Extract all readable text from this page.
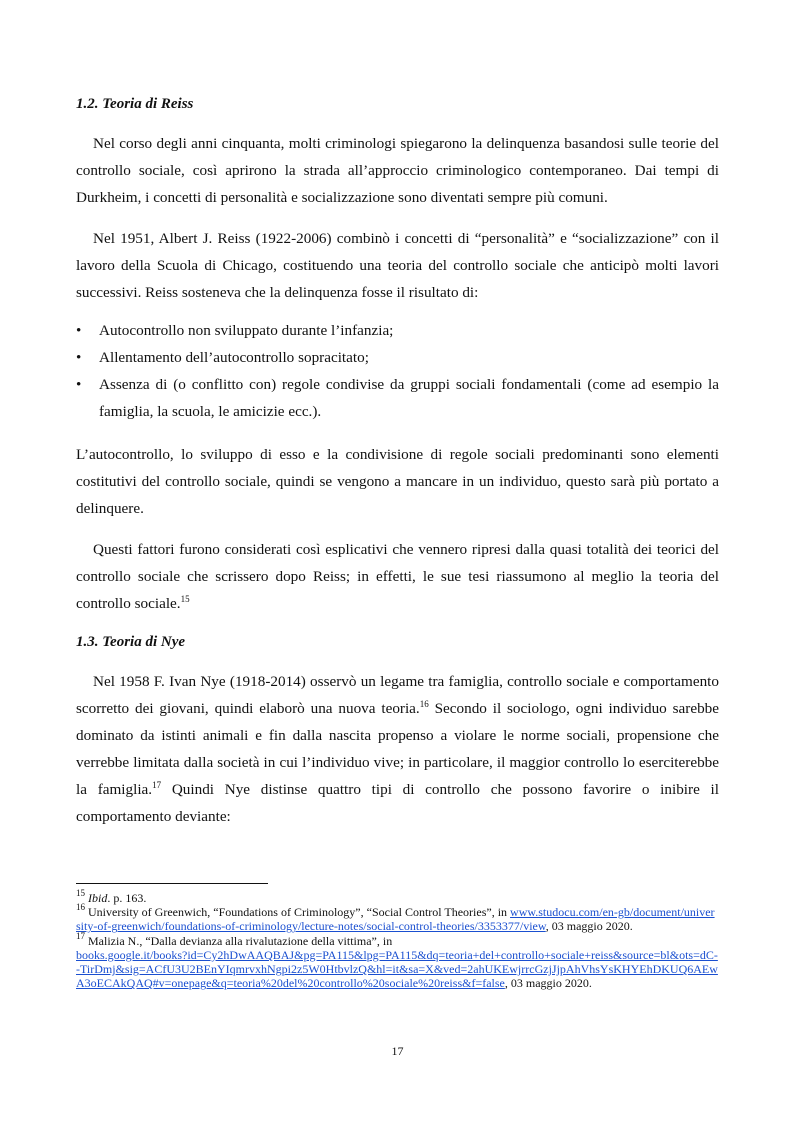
1.2. Teoria di Reiss

Nel corso degli anni cinquanta, molti criminologi spiegarono la delinquenza basandosi sulle teorie del controllo sociale, così aprirono la strada all’approccio criminologico contemporaneo. Dai tempi di Durkheim, i concetti di personalità e socializzazione sono diventati sempre più comuni.

Nel 1951, Albert J. Reiss (1922-2006) combinò i concetti di “personalità” e “socializzazione” con il lavoro della Scuola di Chicago, costituendo una teoria del controllo sociale che anticipò molti lavori successivi. Reiss sosteneva che la delinquenza fosse il risultato di:

• Autocontrollo non sviluppato durante l’infanzia;
• Allentamento dell’autocontrollo sopracitato;
• Assenza di (o conflitto con) regole condivise da gruppi sociali fondamentali (come ad esempio la famiglia, la scuola, le amicizie ecc.).

L’autocontrollo, lo sviluppo di esso e la condivisione di regole sociali predominanti sono elementi costitutivi del controllo sociale, quindi se vengono a mancare in un individuo, questo sarà più portato a delinquere.

Questi fattori furono considerati così esplicativi che vennero ripresi dalla quasi totalità dei teorici del controllo sociale che scrissero dopo Reiss; in effetti, le sue tesi riassumono al meglio la teoria del controllo sociale.$^{15}$

1.3. Teoria di Nye

Nel 1958 F. Ivan Nye (1918-2014) osservò un legame tra famiglia, controllo sociale e comportamento scorretto dei giovani, quindi elaborò una nuova teoria.$^{16}$ Secondo il sociologo, ogni individuo sarebbe dominato da istinti animali e fin dalla nascita propenso a violare le norme sociali, propensione che verrebbe limitata dalla società in cui l’individuo vive; in particolare, il maggior controllo lo eserciterebbe la famiglia.$^{17}$ Quindi Nye distinse quattro tipi di controllo che possono favorire o inibire il comportamento deviante:

$^{15}$ Ibid. p. 163.

$^{16}$ University of Greenwich, “Foundations of Criminology”, “Social Control Theories”, in www.studocu.com/en-gb/document/university-of-greenwich/foundations-of-criminology/lecture-notes/social-control-theories/3353377/view, 03 maggio 2020.

$^{17}$ Malizia N., “Dalla devianza alla rivalutazione della vittima”, in
books.google.it/books?id=Cy2hDwAAQBAJ&pg=PA115&lpg=PA115&dq=teoria+del+controllo+sociale+reiss&source=bl&ots=dC--TirDmj&sig=ACfU3U2BEnYIqmrvxhNgpi2z5W0HtbvlzQ&hl=it&sa=X&ved=2ahUKEwjrrcGzjJjpAhVhsYsKHYEhDKUQ6AEwA3oECAkQAQ#v=onepage&q=teoria%20del%20controllo%20sociale%20reiss&f=false, 03 maggio 2020.

17
